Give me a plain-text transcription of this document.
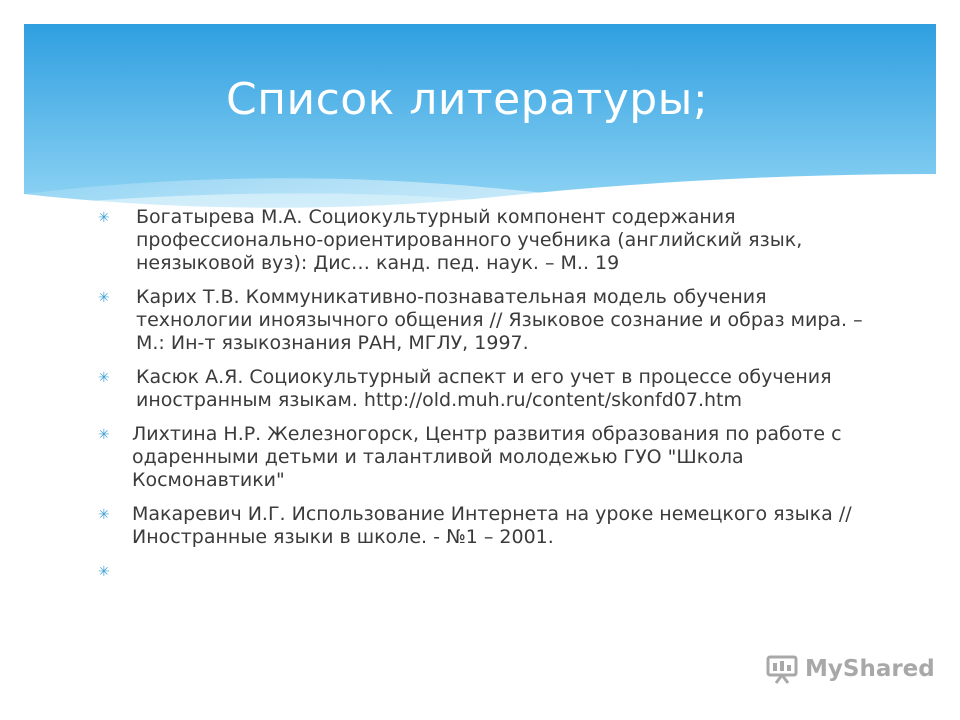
Список литературы;
✳ Богатырева М.А. Социокультурный компонент содержания профессионально-ориентированного учебника (английский язык, неязыковой вуз): Дис… канд. пед. наук. – М.. 19
✳ Карих Т.В. Коммуникативно-познавательная модель обучения технологии иноязычного общения // Языковое сознание и образ мира. – М.: Ин-т языкознания РАН, МГЛУ, 1997.
✳ Касюк А.Я. Социокультурный аспект и его учет в процессе обучения иностранным языкам. http://old.muh.ru/content/skonfd07.htm
✳ Лихтина Н.Р. Железногорск, Центр развития образования по работе с одаренными детьми и талантливой молодежью ГУО "Школа Космонавтики"
✳ Макаревич И.Г. Использование Интернета на уроке немецкого языка // Иностранные языки в школе. - №1 – 2001.
✳
MyShared
